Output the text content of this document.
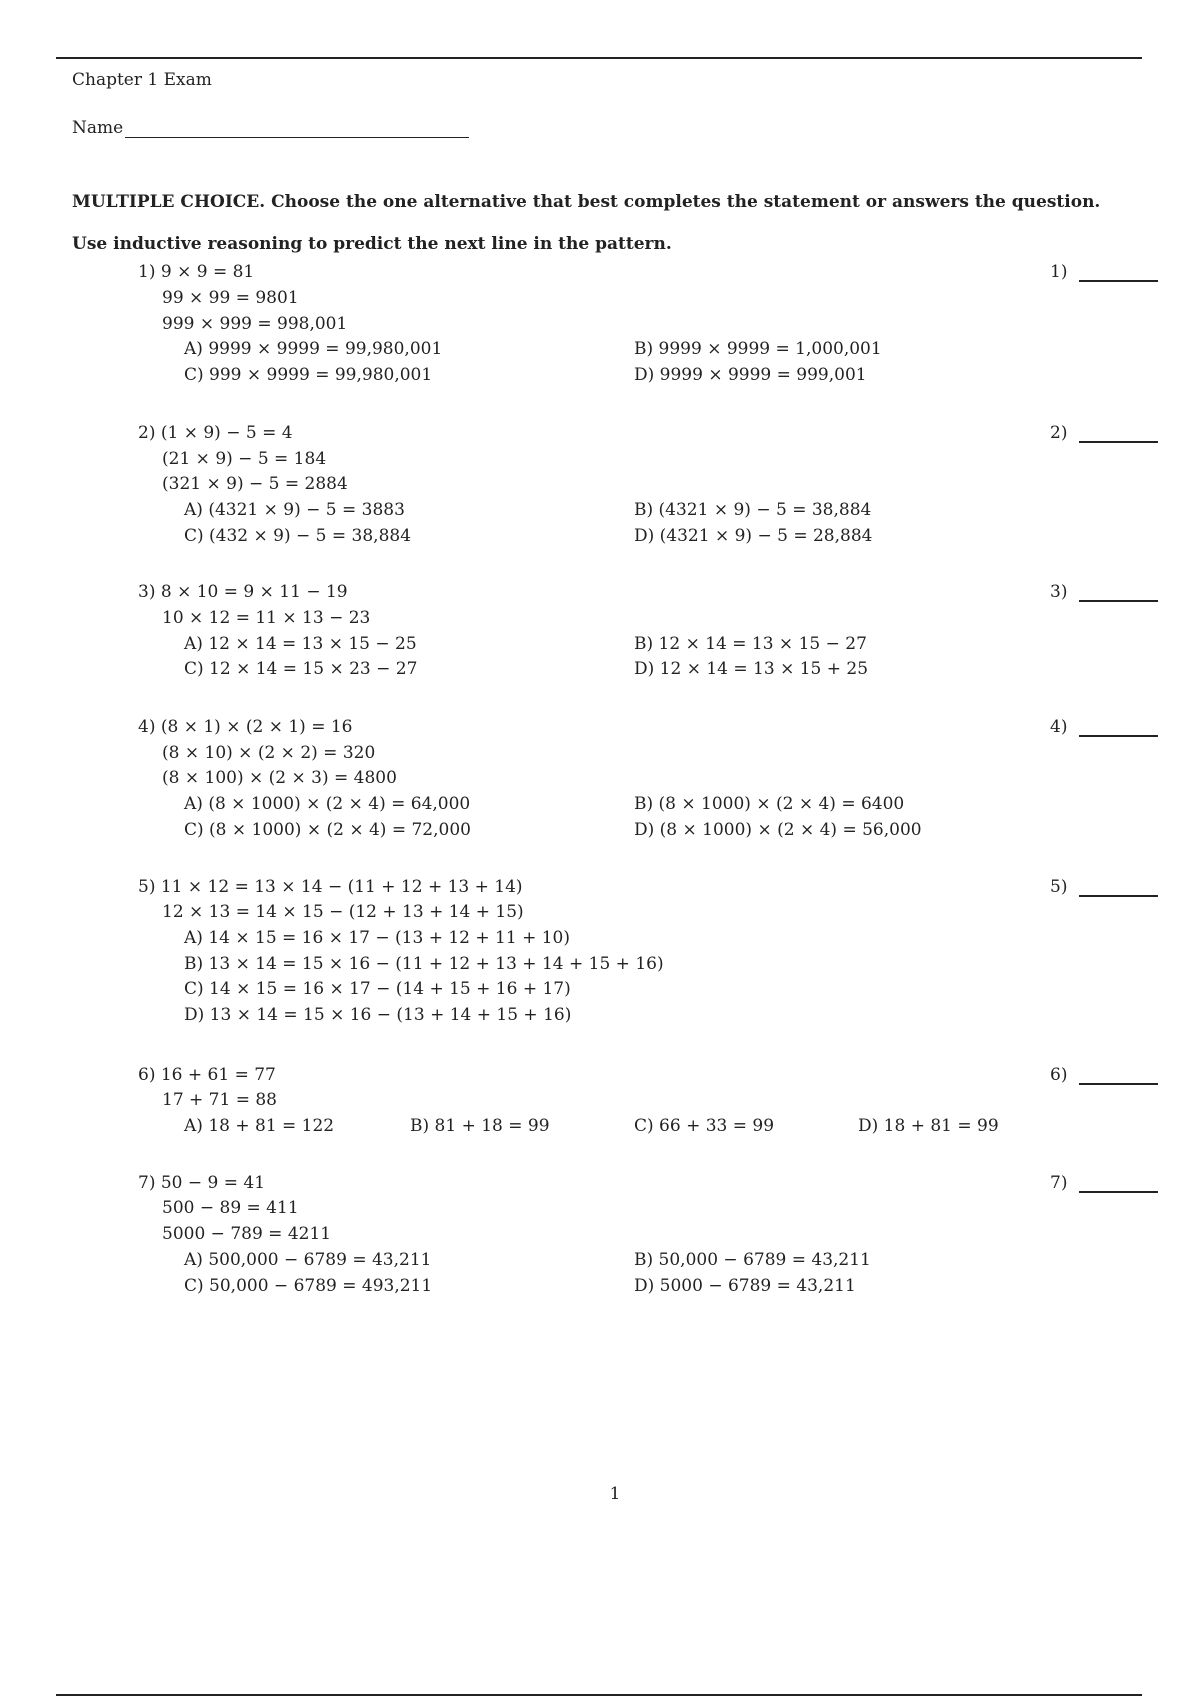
Chapter 1 Exam
Name
MULTIPLE CHOICE. Choose the one alternative that best completes the statement or answers the question.
Use inductive reasoning to predict the next line in the pattern.
1) 9 × 9 = 81
99 × 99 = 9801
999 × 999 = 998,001
A) 9999 × 9999 = 99,980,001	B) 9999 × 9999 = 1,000,001
C) 999 × 9999 = 99,980,001	D) 9999 × 9999 = 999,001
1)
2) (1 × 9) − 5 = 4
(21 × 9) − 5 = 184
(321 × 9) − 5 = 2884
A) (4321 × 9) − 5 = 3883	B) (4321 × 9) − 5 = 38,884
C) (432 × 9) − 5 = 38,884	D) (4321 × 9) − 5 = 28,884
2)
3) 8 × 10 = 9 × 11 − 19
10 × 12 = 11 × 13 − 23
A) 12 × 14 = 13 × 15 − 25	B) 12 × 14 = 13 × 15 − 27
C) 12 × 14 = 15 × 23 − 27	D) 12 × 14 = 13 × 15 + 25
3)
4) (8 × 1) × (2 × 1) = 16
(8 × 10) × (2 × 2) = 320
(8 × 100) × (2 × 3) = 4800
A) (8 × 1000) × (2 × 4) = 64,000	B) (8 × 1000) × (2 × 4) = 6400
C) (8 × 1000) × (2 × 4) = 72,000	D) (8 × 1000) × (2 × 4) = 56,000
4)
5) 11 × 12 = 13 × 14 − (11 + 12 + 13 + 14)
12 × 13 = 14 × 15 − (12 + 13 + 14 + 15)
A) 14 × 15 = 16 × 17 − (13 + 12 + 11 + 10)
B) 13 × 14 = 15 × 16 − (11 + 12 + 13 + 14 + 15 + 16)
C) 14 × 15 = 16 × 17 − (14 + 15 + 16 + 17)
D) 13 × 14 = 15 × 16 − (13 + 14 + 15 + 16)
5)
6) 16 + 61 = 77
17 + 71 = 88
A) 18 + 81 = 122	B) 81 + 18 = 99	C) 66 + 33 = 99	D) 18 + 81 = 99
6)
7) 50 − 9 = 41
500 − 89 = 411
5000 − 789 = 4211
A) 500,000 − 6789 = 43,211	B) 50,000 − 6789 = 43,211
C) 50,000 − 6789 = 493,211	D) 5000 − 6789 = 43,211
7)
1
